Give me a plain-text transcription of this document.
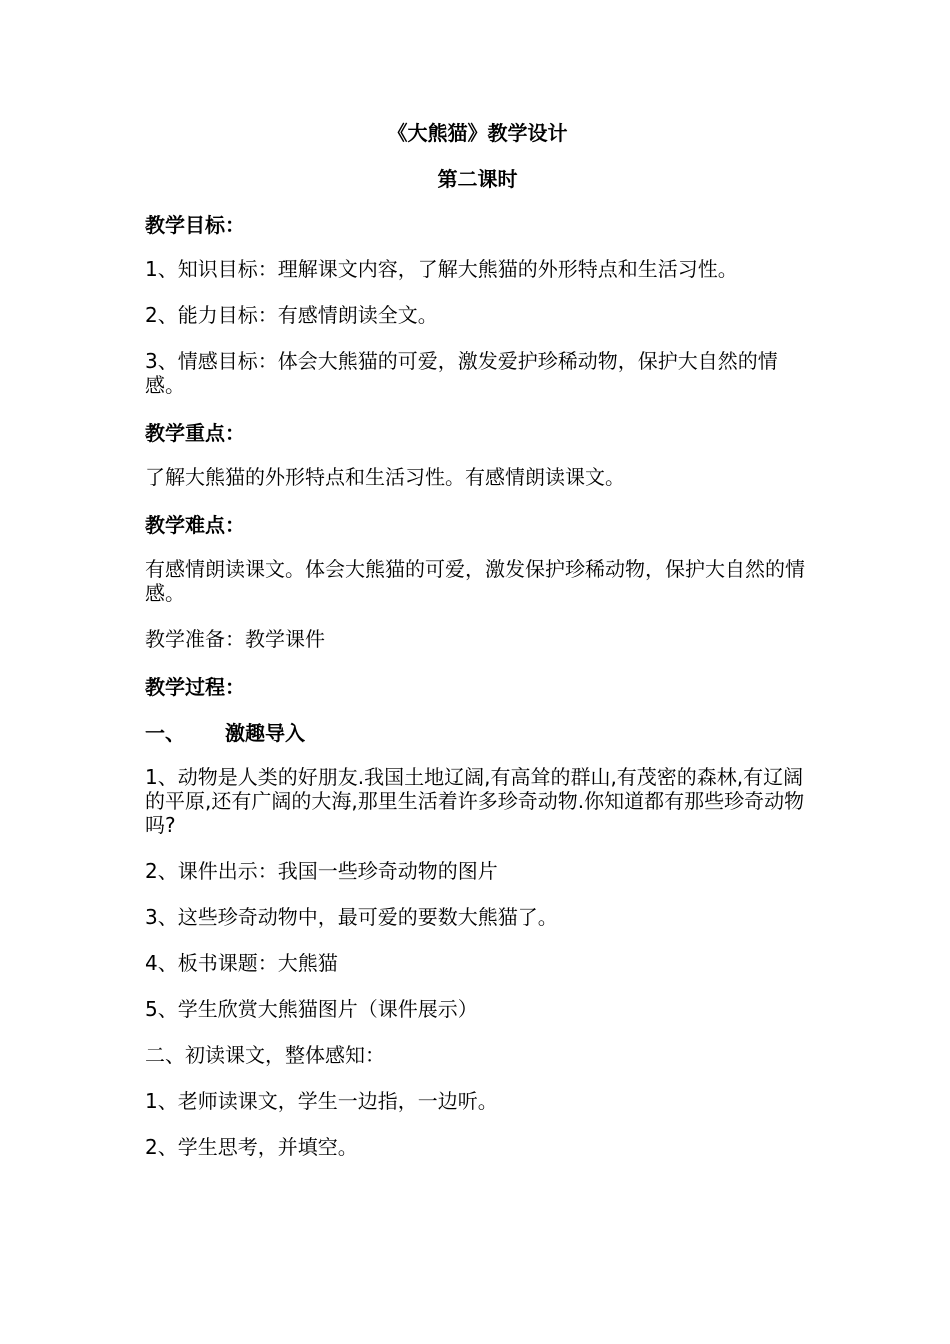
《大熊猫》教学设计
第二课时
教学目标：
1、知识目标：理解课文内容，了解大熊猫的外形特点和生活习性。
2、能力目标：有感情朗读全文。
3、情感目标：体会大熊猫的可爱，激发爱护珍稀动物，保护大自然的情感。
教学重点：
了解大熊猫的外形特点和生活习性。有感情朗读课文。
教学难点：
有感情朗读课文。体会大熊猫的可爱，激发保护珍稀动物，保护大自然的情感。
教学准备：教学课件
教学过程：
一、 激趣导入
1、动物是人类的好朋友.我国土地辽阔,有高耸的群山,有茂密的森林,有辽阔的平原,还有广阔的大海,那里生活着许多珍奇动物.你知道都有那些珍奇动物吗?
2、课件出示：我国一些珍奇动物的图片
3、这些珍奇动物中，最可爱的要数大熊猫了。
4、板书课题：大熊猫
5、学生欣赏大熊猫图片（课件展示）
二、初读课文，整体感知：
1、老师读课文，学生一边指，一边听。
2、学生思考，并填空。
